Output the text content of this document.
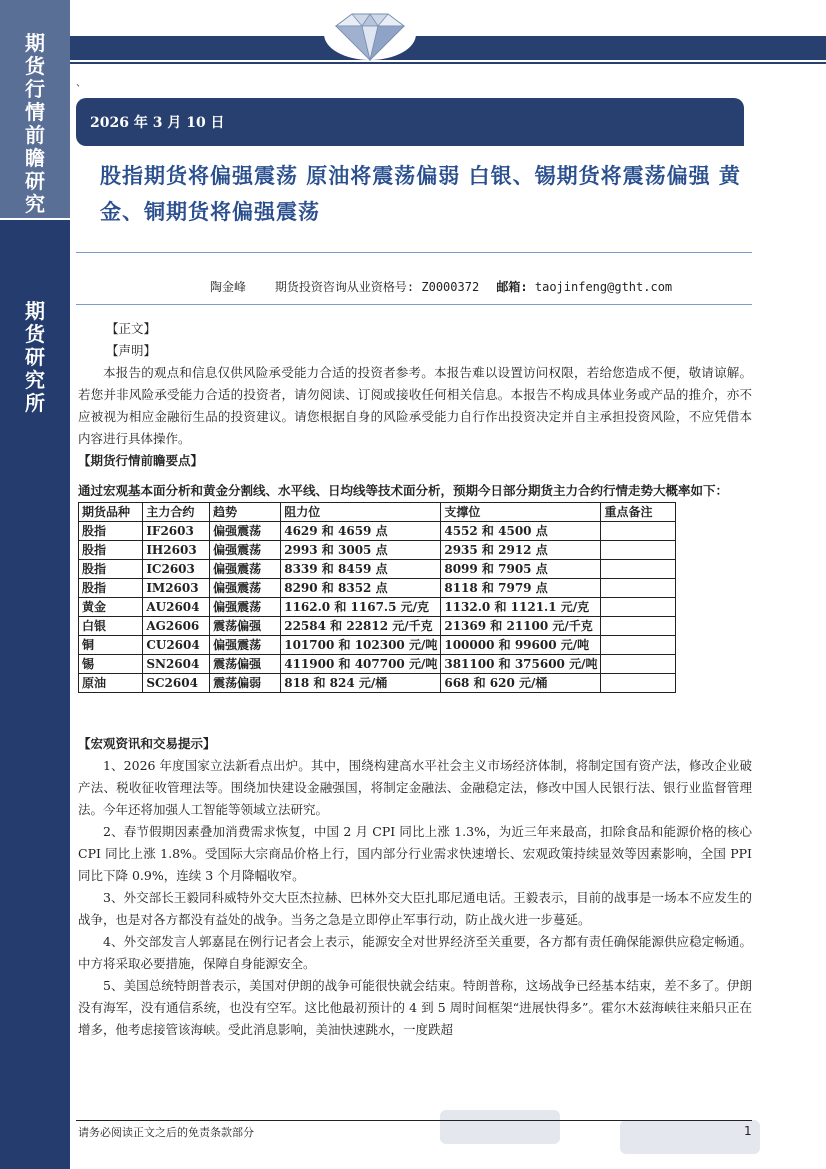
期
货
行
情
前
瞻
研
究
期
货
研
究
所
、
2026 年 3 月 10 日
股指期货将偏强震荡 原油将震荡偏弱 白银、锡期货将震荡偏强 黄金、铜期货将偏强震荡
陶金峰 期货投资咨询从业资格号: Z0000372 邮箱: taojinfeng@gtht.com
【正文】
【声明】
本报告的观点和信息仅供风险承受能力合适的投资者参考。本报告难以设置访问权限，若给您造成不便，敬请谅解。若您并非风险承受能力合适的投资者，请勿阅读、订阅或接收任何相关信息。本报告不构成具体业务或产品的推介，亦不应被视为相应金融衍生品的投资建议。请您根据自身的风险承受能力自行作出投资决定并自主承担投资风险，不应凭借本内容进行具体操作。
【期货行情前瞻要点】
通过宏观基本面分析和黄金分割线、水平线、日均线等技术面分析，预期今日部分期货主力合约行情走势大概率如下：
期货品种	主力合约	趋势	阻力位	支撑位	重点备注
股指	IF2603	偏强震荡	4629 和 4659 点	4552 和 4500 点	
股指	IH2603	偏强震荡	2993 和 3005 点	2935 和 2912 点	
股指	IC2603	偏强震荡	8339 和 8459 点	8099 和 7905 点	
股指	IM2603	偏强震荡	8290 和 8352 点	8118 和 7979 点	
黄金	AU2604	偏强震荡	1162.0 和 1167.5 元/克	1132.0 和 1121.1 元/克	
白银	AG2606	震荡偏强	22584 和 22812 元/千克	21369 和 21100 元/千克	
铜	CU2604	偏强震荡	101700 和 102300 元/吨	100000 和 99600 元/吨	
锡	SN2604	震荡偏强	411900 和 407700 元/吨	381100 和 375600 元/吨	
原油	SC2604	震荡偏弱	818 和 824 元/桶	668 和 620 元/桶	
【宏观资讯和交易提示】
1、2026 年度国家立法新看点出炉。其中，围绕构建高水平社会主义市场经济体制，将制定国有资产法，修改企业破产法、税收征收管理法等。围绕加快建设金融强国，将制定金融法、金融稳定法，修改中国人民银行法、银行业监督管理法。今年还将加强人工智能等领域立法研究。
2、春节假期因素叠加消费需求恢复，中国 2 月 CPI 同比上涨 1.3%，为近三年来最高，扣除食品和能源价格的核心 CPI 同比上涨 1.8%。受国际大宗商品价格上行，国内部分行业需求快速增长、宏观政策持续显效等因素影响，全国 PPI 同比下降 0.9%，连续 3 个月降幅收窄。
3、外交部长王毅同科威特外交大臣杰拉赫、巴林外交大臣扎耶尼通电话。王毅表示，目前的战事是一场本不应发生的战争，也是对各方都没有益处的战争。当务之急是立即停止军事行动，防止战火进一步蔓延。
4、外交部发言人郭嘉昆在例行记者会上表示，能源安全对世界经济至关重要，各方都有责任确保能源供应稳定畅通。中方将采取必要措施，保障自身能源安全。
5、美国总统特朗普表示，美国对伊朗的战争可能很快就会结束。特朗普称，这场战争已经基本结束，差不多了。伊朗没有海军，没有通信系统，也没有空军。这比他最初预计的 4 到 5 周时间框架“进展快得多”。霍尔木兹海峡往来船只正在增多，他考虑接管该海峡。受此消息影响，美油快速跳水，一度跌超
请务必阅读正文之后的免责条款部分	1
